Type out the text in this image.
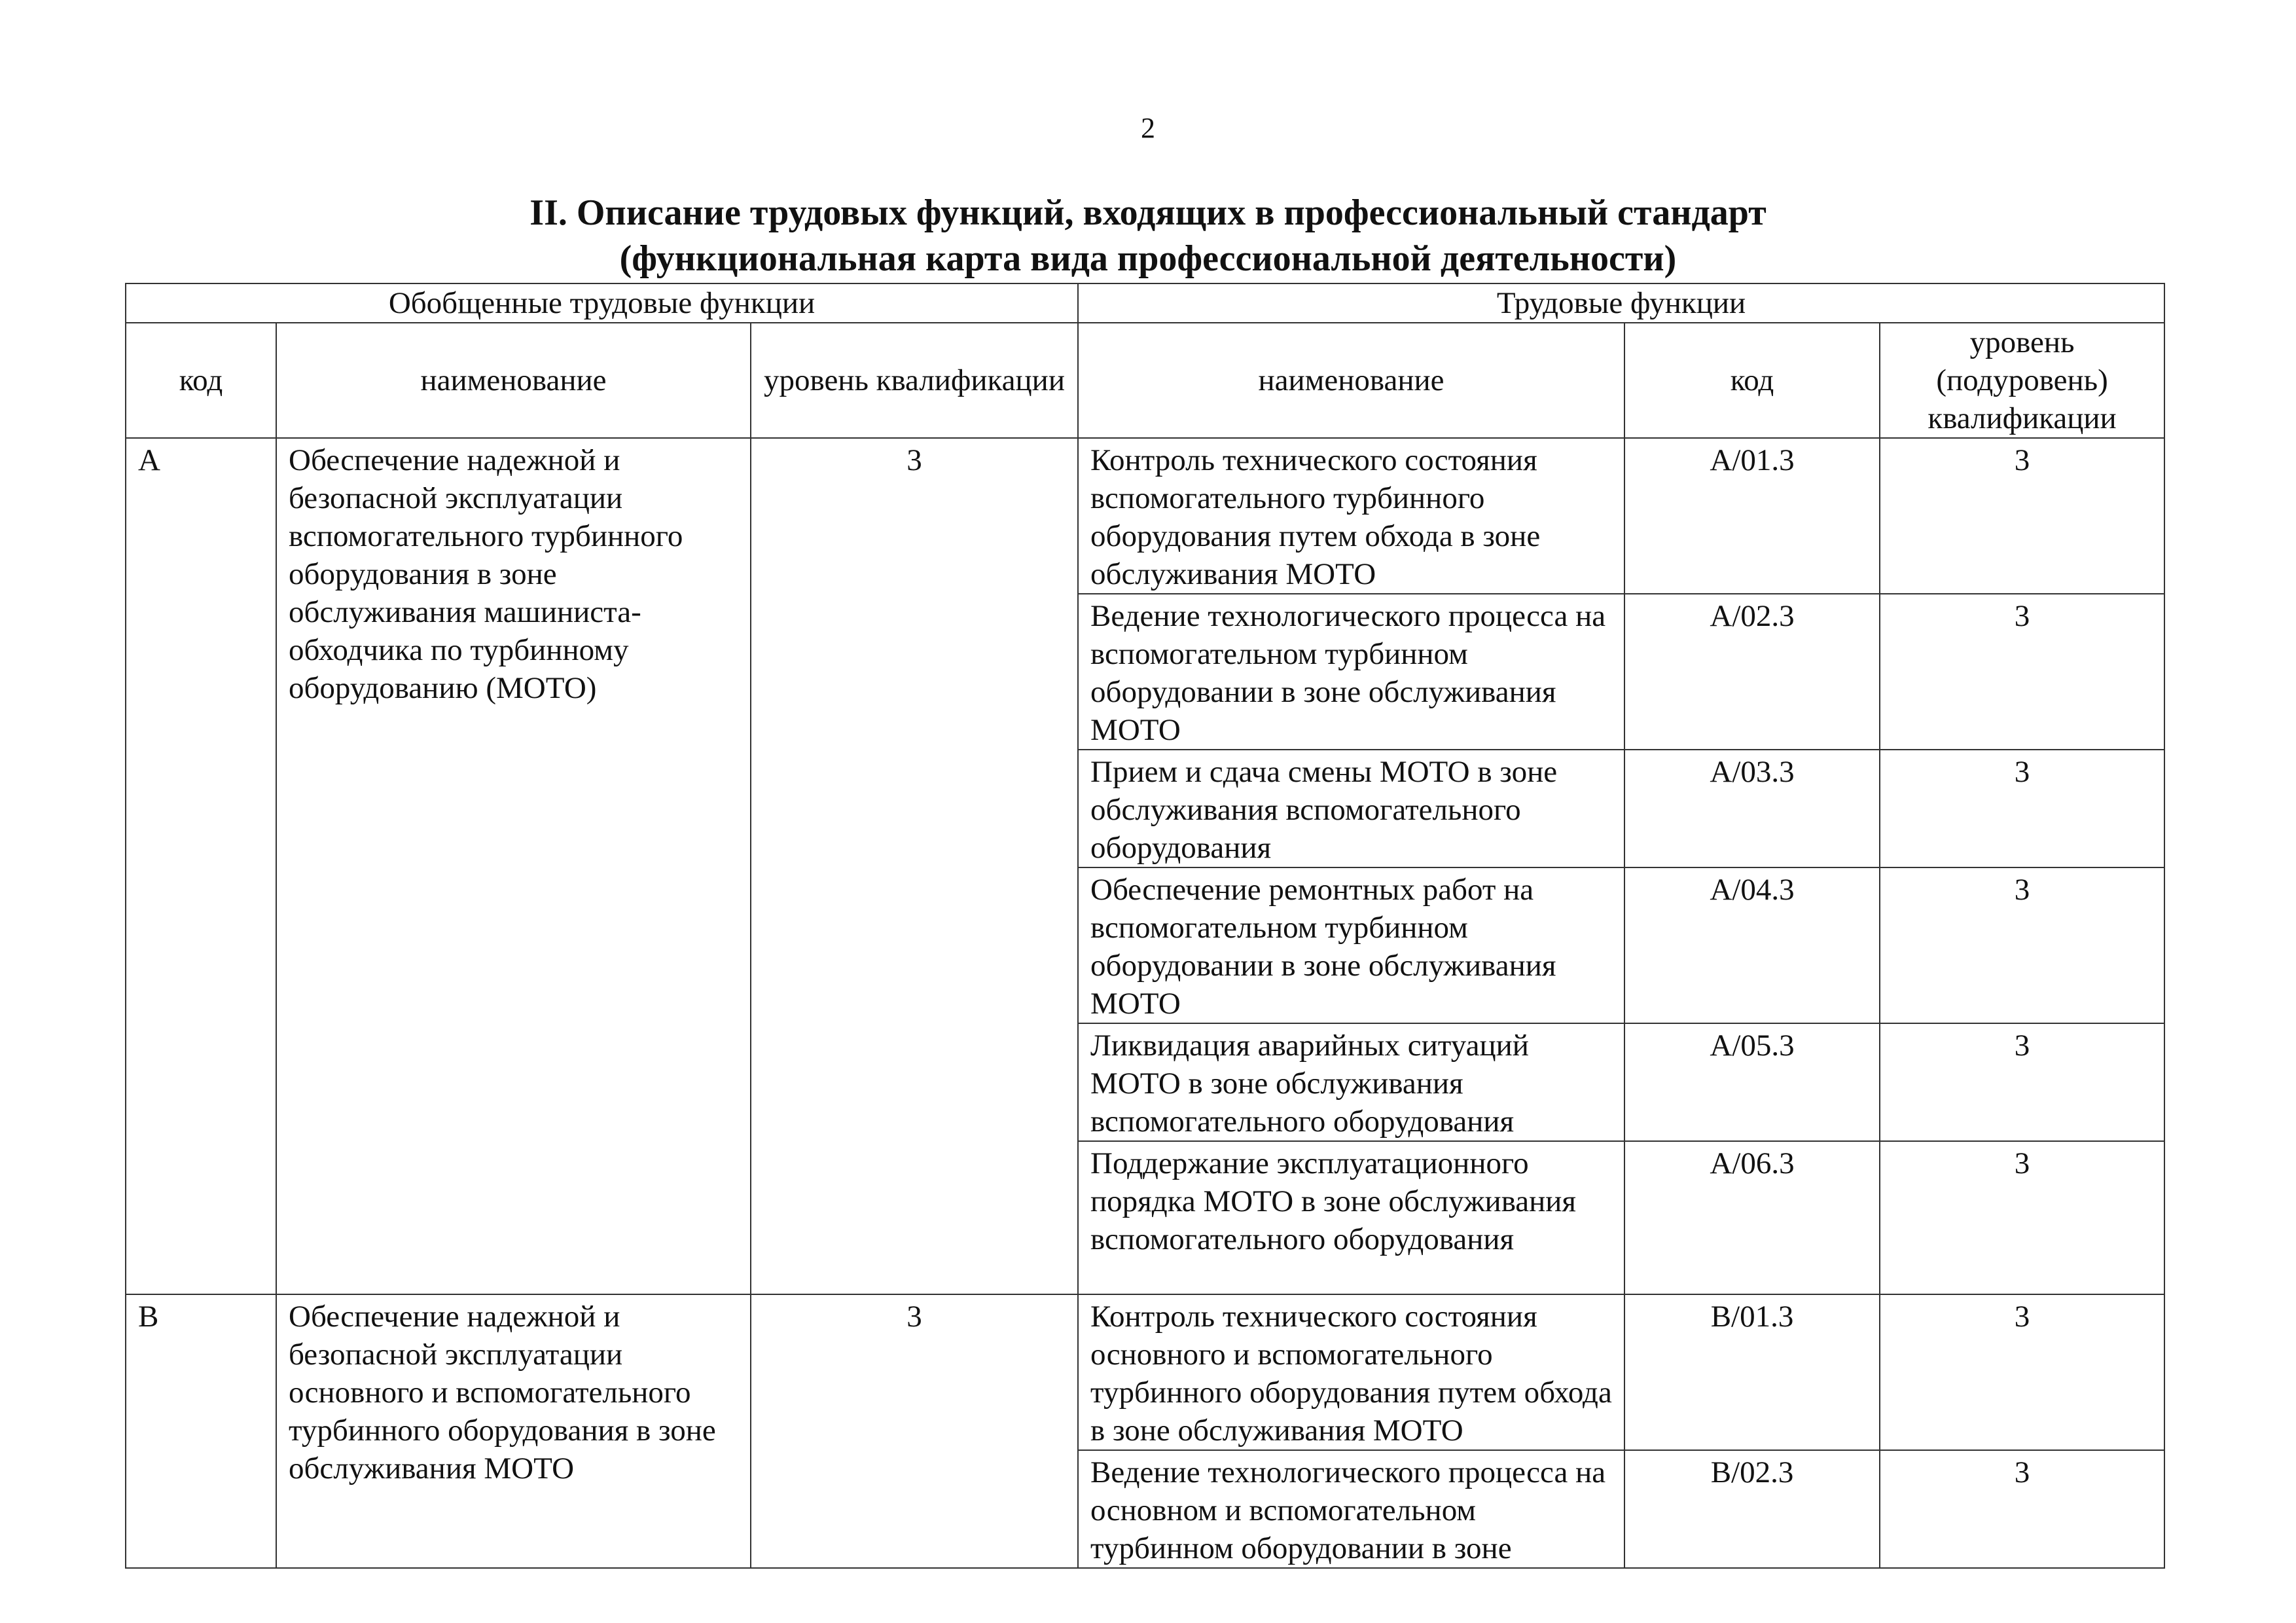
2
II. Описание трудовых функций, входящих в профессиональный стандарт
(функциональная карта вида профессиональной деятельности)
Обобщенные трудовые функции			Трудовые функции		
код	наименование	уровень квалификации	наименование	код	уровень (подуровень) квалификации
A	Обеспечение надежной и безопасной эксплуатации вспомогательного турбинного оборудования в зоне обслуживания машиниста-обходчика по турбинному оборудованию (МОТО)	3	Контроль технического состояния вспомогательного турбинного оборудования путем обхода в зоне обслуживания МОТО	A/01.3	3
			Ведение технологического процесса на вспомогательном турбинном оборудовании в зоне обслуживания МОТО	A/02.3	3
			Прием и сдача смены МОТО в зоне обслуживания вспомогательного оборудования	A/03.3	3
			Обеспечение ремонтных работ на вспомогательном турбинном оборудовании в зоне обслуживания МОТО	A/04.3	3
			Ликвидация аварийных ситуаций МОТО в зоне обслуживания вспомогательного оборудования	A/05.3	3
			Поддержание эксплуатационного порядка МОТО в зоне обслуживания вспомогательного оборудования	A/06.3	3
B	Обеспечение надежной и безопасной эксплуатации основного и вспомогательного турбинного оборудования в зоне обслуживания МОТО	3	Контроль технического состояния основного и вспомогательного турбинного оборудования путем обхода в зоне обслуживания МОТО	B/01.3	3
			Ведение технологического процесса на основном и вспомогательном турбинном оборудовании в зоне	B/02.3	3
